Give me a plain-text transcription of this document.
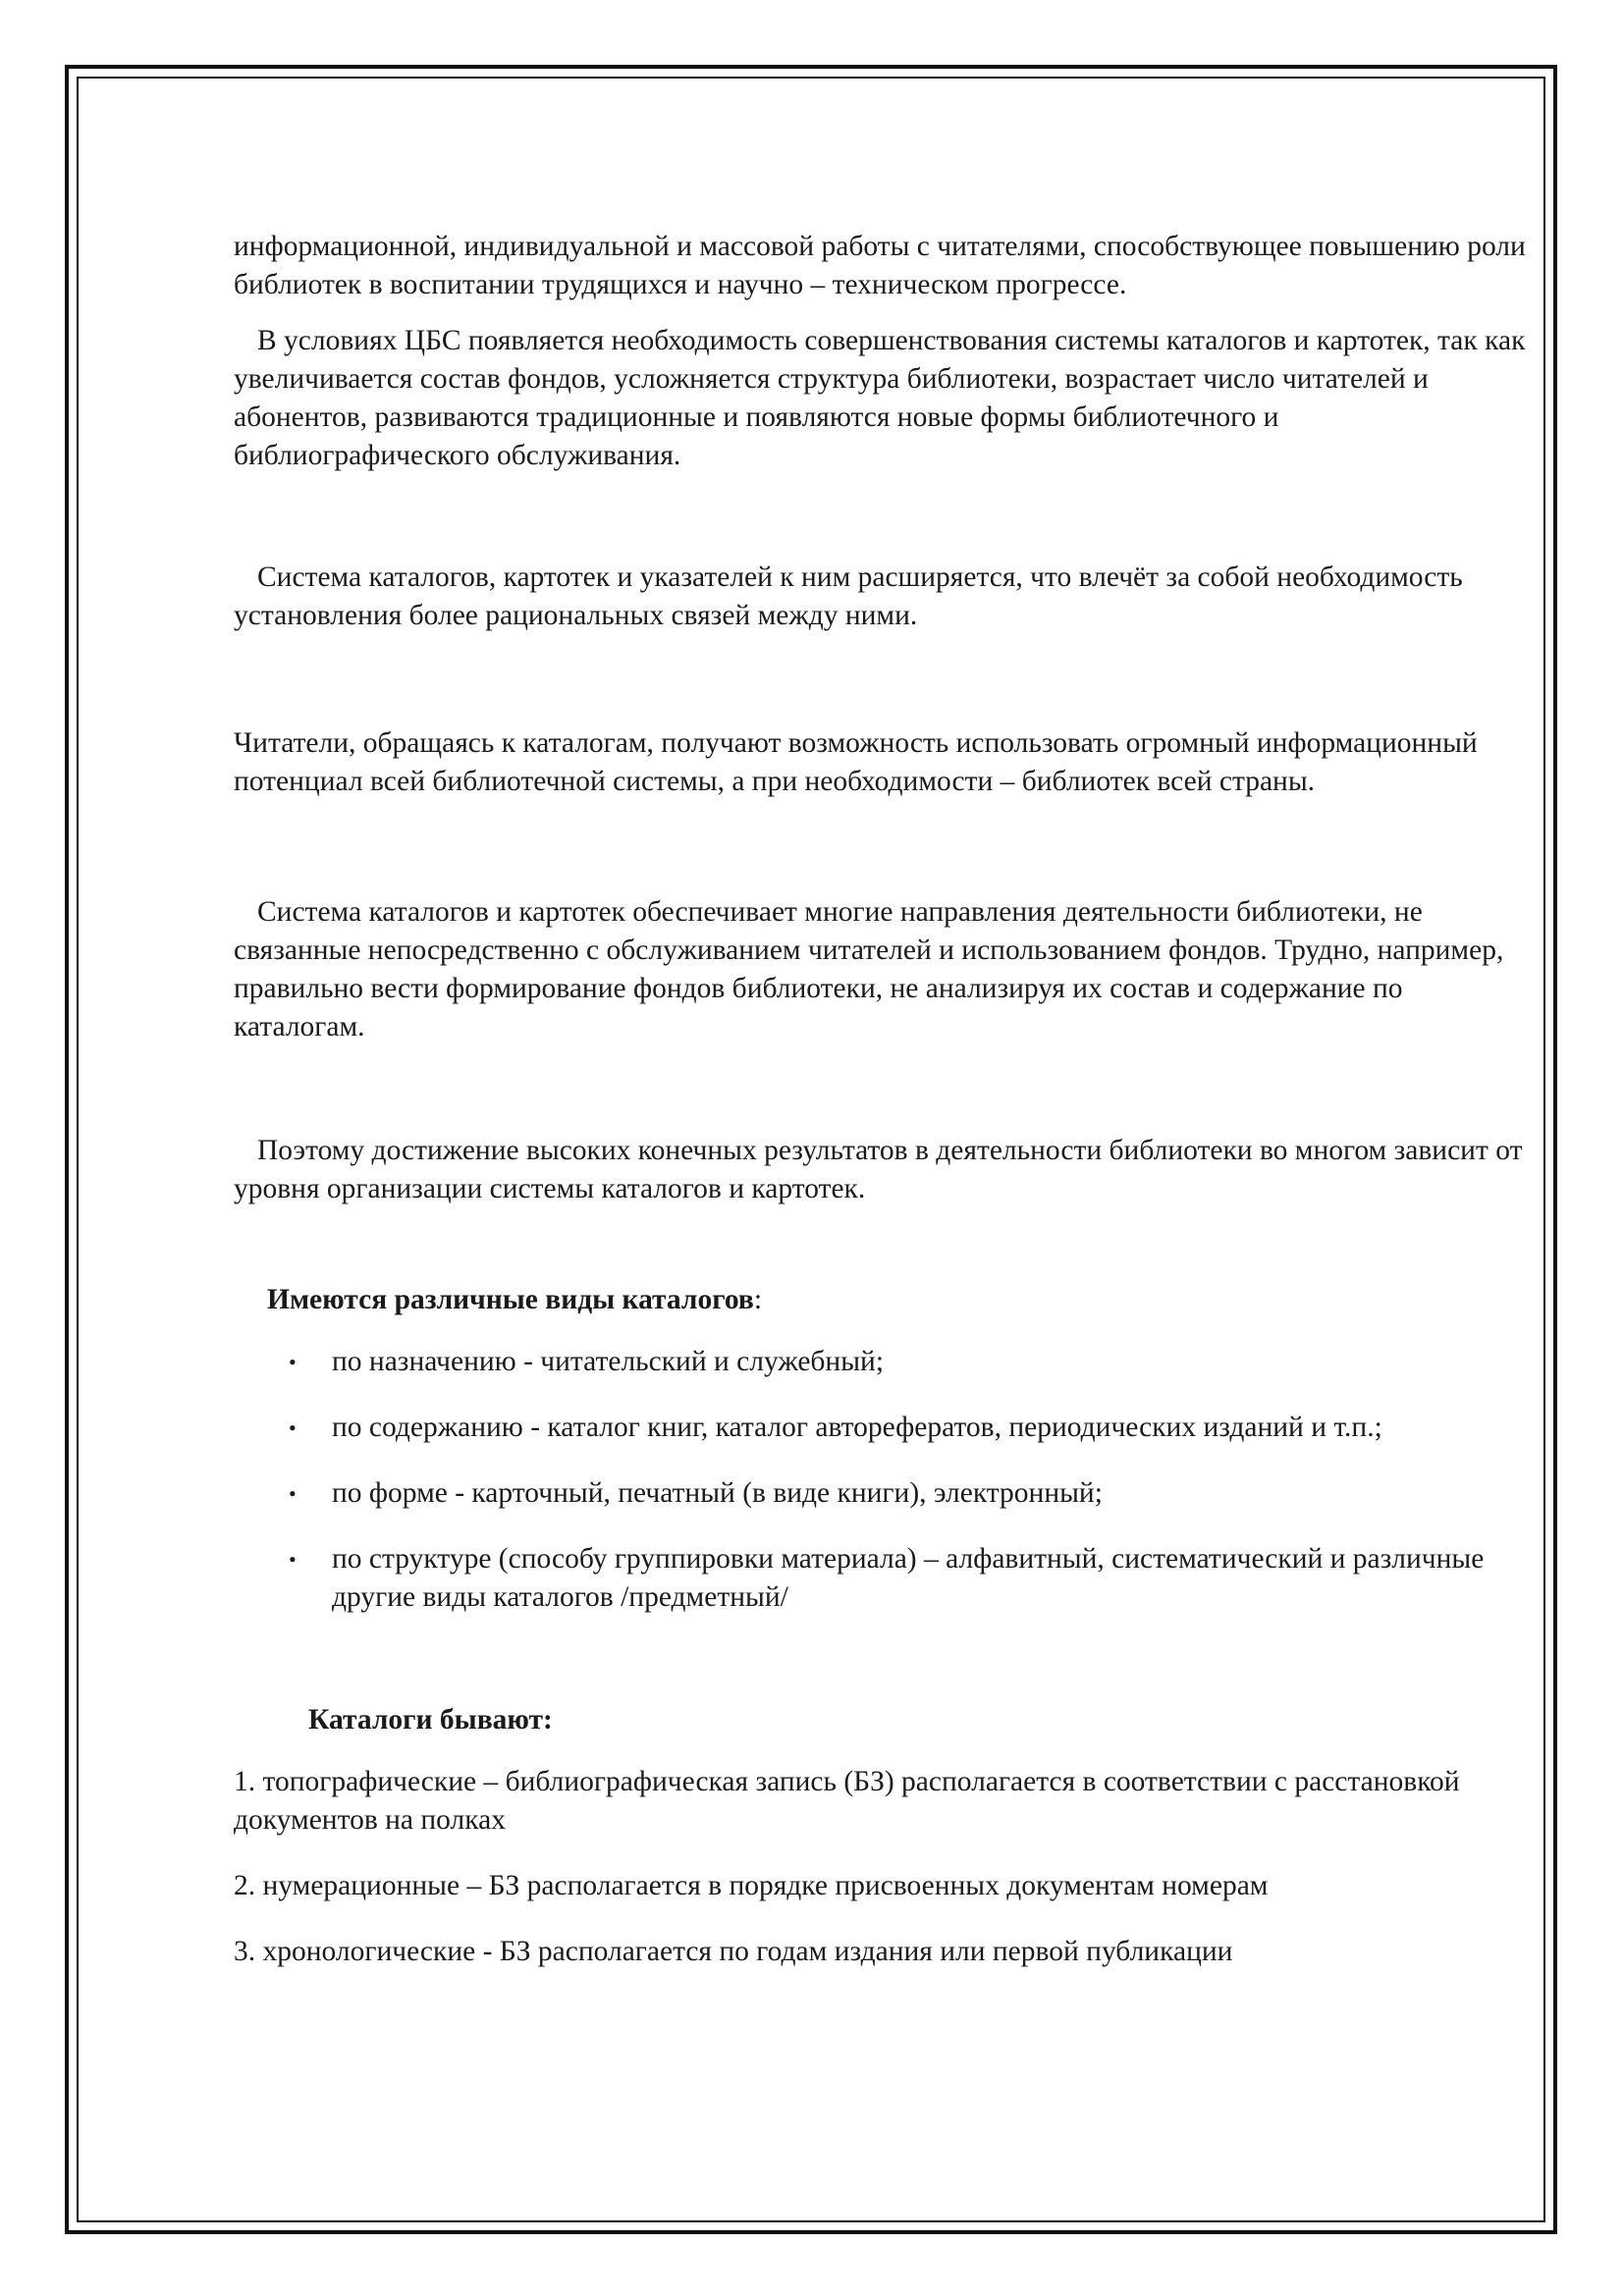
информационной, индивидуальной и массовой работы с читателями, способствующее повышению роли библиотек в воспитании трудящихся и научно – техническом прогрессе.

В условиях ЦБС появляется необходимость совершенствования системы каталогов и картотек, так как увеличивается состав фондов, усложняется структура библиотеки, возрастает число читателей и абонентов, развиваются традиционные и появляются новые формы библиотечного и библиографического обслуживания.

Система каталогов, картотек и указателей к ним расширяется, что влечёт за собой необходимость установления более рациональных связей между ними.

Читатели, обращаясь к каталогам, получают возможность использовать огромный информационный потенциал всей библиотечной системы, а при необходимости – библиотек всей страны.

Система каталогов и картотек обеспечивает многие направления деятельности библиотеки, не связанные непосредственно с обслуживанием читателей и использованием фондов. Трудно, например, правильно вести формирование фондов библиотеки, не анализируя их состав и содержание по каталогам.

Поэтому достижение высоких конечных результатов в деятельности библиотеки во многом зависит от уровня организации системы каталогов и картотек.

Имеются различные виды каталогов:

• по назначению - читательский и служебный;
• по содержанию - каталог книг, каталог авторефератов, периодических изданий и т.п.;
• по форме - карточный, печатный (в виде книги), электронный;
• по структуре (способу группировки материала) – алфавитный, систематический и различные другие виды каталогов /предметный/

Каталоги бывают:

1. топографические – библиографическая запись (БЗ) располагается в соответствии с расстановкой документов на полках

2. нумерационные – БЗ располагается в порядке присвоенных документам номерам

3. хронологические - БЗ располагается по годам издания или первой публикации
